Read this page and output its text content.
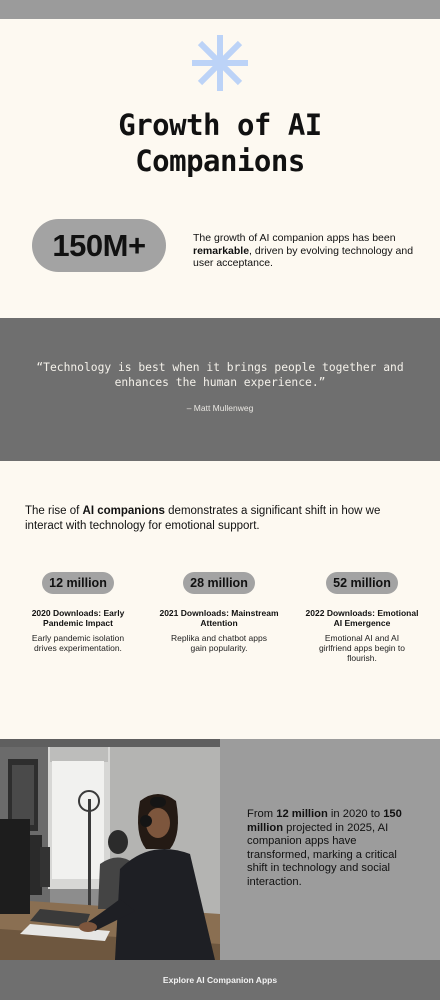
Growth of AI
Companions
150M+	The growth of AI companion apps has been remarkable, driven by evolving technology and user acceptance.

“Technology is best when it brings people together and enhances the human experience.”

– Matt Mullenweg

The rise of AI companions demonstrates a significant shift in how we interact with technology for emotional support.

12 million

2020 Downloads: Early Pandemic Impact

Early pandemic isolation drives experimentation.

28 million

2021 Downloads: Mainstream Attention

Replika and chatbot apps gain popularity.

52 million

2022 Downloads: Emotional AI Emergence

Emotional AI and AI girlfriend apps begin to flourish.

From 12 million in 2020 to 150 million projected in 2025, AI companion apps have transformed, marking a critical shift in technology and social interaction.

Explore AI Companion Apps
